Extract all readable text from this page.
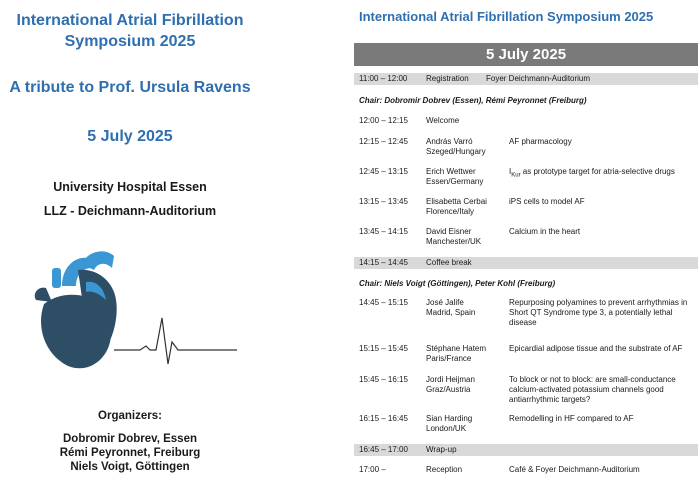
International Atrial Fibrillation
Symposium 2025
A tribute to Prof. Ursula Ravens
5 July 2025
University Hospital Essen
LLZ - Deichmann-Auditorium
Organizers:
Dobromir Dobrev, Essen
Rémi Peyronnet, Freiburg
Niels Voigt, Göttingen
International Atrial Fibrillation Symposium 2025
5 July 2025
11:00 – 12:00 Registration Foyer Deichmann-Auditorium
Chair: Dobromir Dobrev (Essen), Rémi Peyronnet (Freiburg)
12:00 – 12:15 Welcome
12:15 – 12:45 András Varró
Szeged/Hungary
AF pharmacology
12:45 – 13:15 Erich Wettwer
Essen/Germany
$I_{Kur}$ as prototype target for atria-selective drugs
13:15 – 13:45 Elisabetta Cerbai
Florence/Italy
iPS cells to model AF
13:45 – 14:15 David Eisner
Manchester/UK
Calcium in the heart
14:15 – 14:45 Coffee break
Chair: Niels Voigt (Göttingen), Peter Kohl (Freiburg)
14:45 – 15:15 José Jalife
Madrid, Spain
Repurposing polyamines to prevent arrhythmias in Short QT Syndrome type 3, a potentially lethal disease
15:15 – 15:45 Stéphane Hatem
Paris/France
Epicardial adipose tissue and the substrate of AF
15:45 – 16:15 Jordi Heijman
Graz/Austria
To block or not to block: are small-conductance calcium-activated potassium channels good antiarrhythmic targets?
16:15 – 16:45 Sian Harding
London/UK
Remodelling in HF compared to AF
16:45 – 17:00 Wrap-up
17:00 –	Reception	Café & Foyer Deichmann-Auditorium
